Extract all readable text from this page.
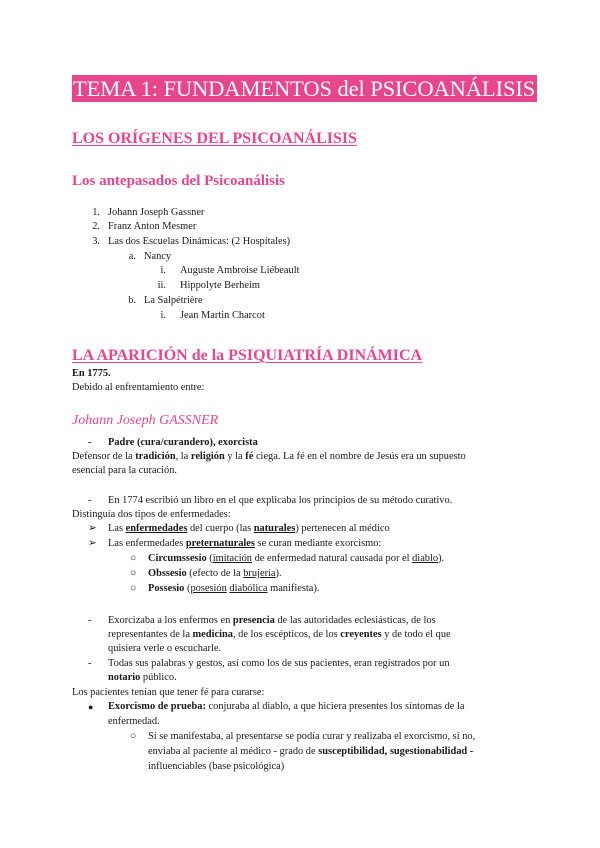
TEMA 1: FUNDAMENTOS del PSICOANÁLISIS
LOS ORÍGENES DEL PSICOANÁLISIS
Los antepasados del Psicoanálisis
1. Johann Joseph Gassner
2. Franz Anton Mesmer
3. Las dos Escuelas Dinámicas: (2 Hospitales)
a. Nancy
i. Auguste Ambroise Liébeault
ii. Hippolyte Berheim
b. La Salpétrière
i. Jean Martin Charcot
LA APARICIÓN de la PSIQUIATRÍA DINÁMICA
En 1775.
Debido al enfrentamiento entre:
Johann Joseph GASSNER
- Padre (cura/curandero), exorcista
Defensor de la tradición, la religión y la fé ciega. La fé en el nombre de Jesús era un supuesto
esencial para la curación.
- En 1774 escribió un libro en el que explicaba los principios de su método curativo.
Distinguía dos tipos de enfermedades:
➢ Las enfermedades del cuerpo (las naturales) pertenecen al médico
➢ Las enfermedades preternaturales se curan mediante exorcismo:
○ Circumssesio (imitación de enfermedad natural causada por el diablo).
○ Obssesio (efecto de la brujería).
○ Possesio (posesión diabólica manifiesta).
- Exorcizaba a los enfermos en presencia de las autoridades eclesiásticas, de los
representantes de la medicina, de los escépticos, de los creyentes y de todo el que
quisiera verle o escucharle.
- Todas sus palabras y gestos, así como los de sus pacientes, eran registrados por un
notario público.
Los pacientes tenían que tener fé para curarse:
● Exorcismo de prueba: conjuraba al diablo, a que hiciera presentes los síntomas de la
enfermedad.
○ Si se manifestaba, al presentarse se podía curar y realizaba el exorcismo, si no,
enviaba al paciente al médico - grado de susceptibilidad, sugestionabilidad -
influenciables (base psicológica)
